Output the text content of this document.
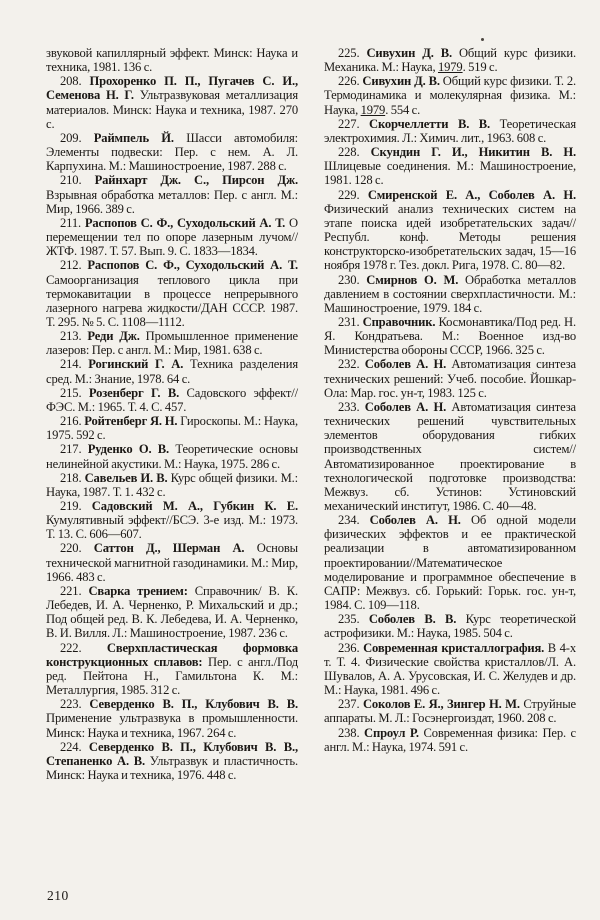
звуковой капиллярный эффект. Минск: Наука и техника, 1981. 136 с.

208. Прохоренко П. П., Пугачев С. И., Семенова Н. Г. Ультразвуковая металлизация материалов. Минск: Наука и техника, 1987. 270 с.

209. Раймпель Й. Шасси автомобиля: Элементы подвески: Пер. с нем. А. Л. Карпухина. М.: Машиностроение, 1987. 288 с.

210. Райнхарт Дж. С., Пирсон Дж. Взрывная обработка металлов: Пер. с англ. М.: Мир, 1966. 389 с.

211. Распопов С. Ф., Суходольский А. Т. О перемещении тел по опоре лазерным лучом//ЖТФ. 1987. Т. 57. Вып. 9. С. 1833—1834.

212. Распопов С. Ф., Суходольский А. Т. Самоорганизация теплового цикла при термокавитации в процессе непрерывного лазерного нагрева жидкости/ДАН СССР. 1987. Т. 295. № 5. С. 1108—1112.

213. Реди Дж. Промышленное применение лазеров: Пер. с англ. М.: Мир, 1981. 638 с.

214. Рогинский Г. А. Техника разделения сред. М.: Знание, 1978. 64 с.

215. Розенберг Г. В. Садовского эффект//ФЭС. М.: 1965. Т. 4. С. 457.

216. Ройтенберг Я. Н. Гироскопы. М.: Наука, 1975. 592 с.

217. Руденко О. В. Теоретические основы нелинейной акустики. М.: Наука, 1975. 286 с.

218. Савельев И. В. Курс общей физики. М.: Наука, 1987. Т. 1. 432 с.

219. Садовский М. А., Губкин К. Е. Кумулятивный эффект//БСЭ. 3-е изд. М.: 1973. Т. 13. С. 606—607.

220. Саттон Д., Шерман А. Основы технической магнитной газодинамики. М.: Мир, 1966. 483 с.

221. Сварка трением: Справочник/ В. К. Лебедев, И. А. Черненко, Р. Михальский и др.; Под общей ред. В. К. Лебедева, И. А. Черненко, В. И. Вилля. Л.: Машиностроение, 1987. 236 с.

222. Сверхпластическая формовка конструкционных сплавов: Пер. с англ./Под ред. Пейтона Н., Гамильтона К. М.: Металлургия, 1985. 312 с.

223. Северденко В. П., Клубович В. В. Применение ультразвука в промышленности. Минск: Наука и техника, 1967. 264 с.

224. Северденко В. П., Клубович В. В., Степаненко А. В. Ультразвук и пластичность. Минск: Наука и техника, 1976. 448 с.

225. Сивухин Д. В. Общий курс физики. Механика. М.: Наука, 1979. 519 с.

226. Сивухин Д. В. Общий курс физики. Т. 2. Термодинамика и молекулярная физика. М.: Наука, 1979. 554 с.

227. Скорчеллетти В. В. Теоретическая электрохимия. Л.: Химич. лит., 1963. 608 с.

228. Скундин Г. И., Никитин В. Н. Шлицевые соединения. М.: Машиностроение, 1981. 128 с.

229. Смиренской Е. А., Соболев А. Н. Физический анализ технических систем на этапе поиска идей изобретательских задач//Республ. конф. Методы решения конструкторско-изобретательских задач, 15—16 ноября 1978 г. Тез. докл. Рига, 1978. С. 80—82.

230. Смирнов О. М. Обработка металлов давлением в состоянии сверхпластичности. М.: Машиностроение, 1979. 184 с.

231. Справочник. Космонавтика/Под ред. Н. Я. Кондратьева. М.: Военное изд-во Министерства обороны СССР, 1966. 325 с.

232. Соболев А. Н. Автоматизация синтеза технических решений: Учеб. пособие. Йошкар-Ола: Мар. гос. ун-т, 1983. 125 с.

233. Соболев А. Н. Автоматизация синтеза технических решений чувствительных элементов оборудования гибких производственных систем//Автоматизированное проектирование в технологической подготовке производства: Межвуз. сб. Устинов: Устиновский механический институт, 1986. С. 40—48.

234. Соболев А. Н. Об одной модели физических эффектов и ее практической реализации в автоматизированном проектировании//Математическое моделирование и программное обеспечение в САПР: Межвуз. сб. Горький: Горьк. гос. ун-т, 1984. С. 109—118.

235. Соболев В. В. Курс теоретической астрофизики. М.: Наука, 1985. 504 с.

236. Современная кристаллография. В 4-х т. Т. 4. Физические свойства кристаллов/Л. А. Шувалов, А. А. Урусовская, И. С. Желудев и др. М.: Наука, 1981. 496 с.

237. Соколов Е. Я., Зингер Н. М. Струйные аппараты. М. Л.: Госэнергоиздат, 1960. 208 с.

238. Спроул Р. Современная физика: Пер. с англ. М.: Наука, 1974. 591 с.

210
